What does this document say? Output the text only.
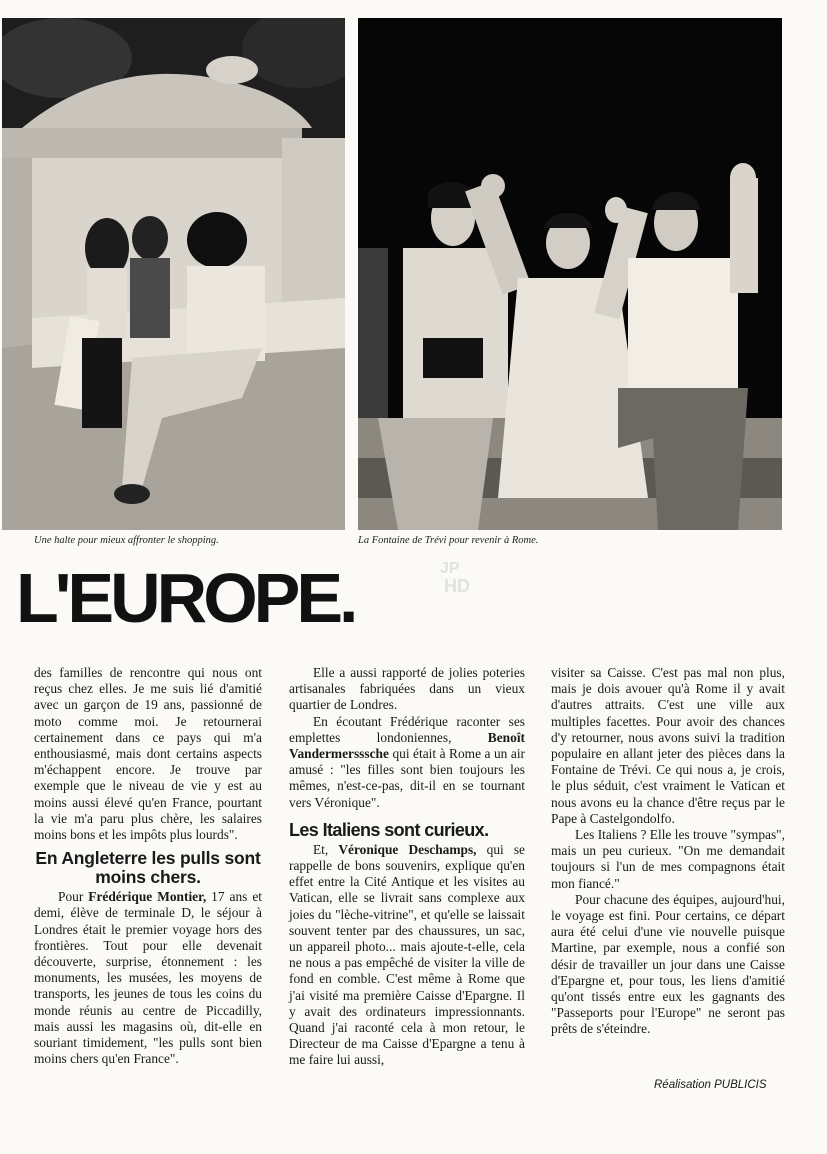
Une halte pour mieux affronter le shopping.	La Fontaine de Trévi pour revenir à Rome.
JP
HD
L'EUROPE.

des familles de rencontre qui nous ont reçus chez elles. Je me suis lié d'amitié avec un garçon de 19 ans, passionné de moto comme moi. Je retournerai certainement dans ce pays qui m'a enthousiasmé, mais dont certains aspects m'échappent encore. Je trouve par exemple que le niveau de vie y est au moins aussi élevé qu'en France, pourtant la vie m'a paru plus chère, les salaires moins bons et les impôts plus lourds".

En Angleterre les pulls sont moins chers.

Pour Frédérique Montier, 17 ans et demi, élève de terminale D, le séjour à Londres était le premier voyage hors des frontières. Tout pour elle devenait découverte, surprise, étonnement : les monuments, les musées, les moyens de transports, les jeunes de tous les coins du monde réunis au centre de Piccadilly, mais aussi les magasins où, dit-elle en souriant timidement, "les pulls sont bien moins chers qu'en France".

Elle a aussi rapporté de jolies poteries artisanales fabriquées dans un vieux quartier de Londres.

En écoutant Frédérique raconter ses emplettes londoniennes, Benoît Vandermersssche qui était à Rome a un air amusé : "les filles sont bien toujours les mêmes, n'est-ce-pas, dit-il en se tournant vers Véronique".

Les Italiens sont curieux.

Et, Véronique Deschamps, qui se rappelle de bons souvenirs, explique qu'en effet entre la Cité Antique et les visites au Vatican, elle se livrait sans complexe aux joies du "lèche-vitrine", et qu'elle se laissait souvent tenter par des chaussures, un sac, un appareil photo... mais ajoute-t-elle, cela ne nous a pas empêché de visiter la ville de fond en comble. C'est même à Rome que j'ai visité ma première Caisse d'Epargne. Il y avait des ordinateurs impressionnants. Quand j'ai raconté cela à mon retour, le Directeur de ma Caisse d'Epargne a tenu à me faire lui aussi,

visiter sa Caisse. C'est pas mal non plus, mais je dois avouer qu'à Rome il y avait d'autres attraits. C'est une ville aux multiples facettes. Pour avoir des chances d'y retourner, nous avons suivi la tradition populaire en allant jeter des pièces dans la Fontaine de Trévi. Ce qui nous a, je crois, le plus séduit, c'est vraiment le Vatican et nous avons eu la chance d'être reçus par le Pape à Castelgondolfo.

Les Italiens ? Elle les trouve "sympas", mais un peu curieux. "On me demandait toujours si l'un de mes compagnons était mon fiancé."

Pour chacune des équipes, aujourd'hui, le voyage est fini. Pour certains, ce départ aura été celui d'une vie nouvelle puisque Martine, par exemple, nous a confié son désir de travailler un jour dans une Caisse d'Epargne et, pour tous, les liens d'amitié qu'ont tissés entre eux les gagnants des "Passeports pour l'Europe" ne seront pas prêts de s'éteindre.

Réalisation PUBLICIS
